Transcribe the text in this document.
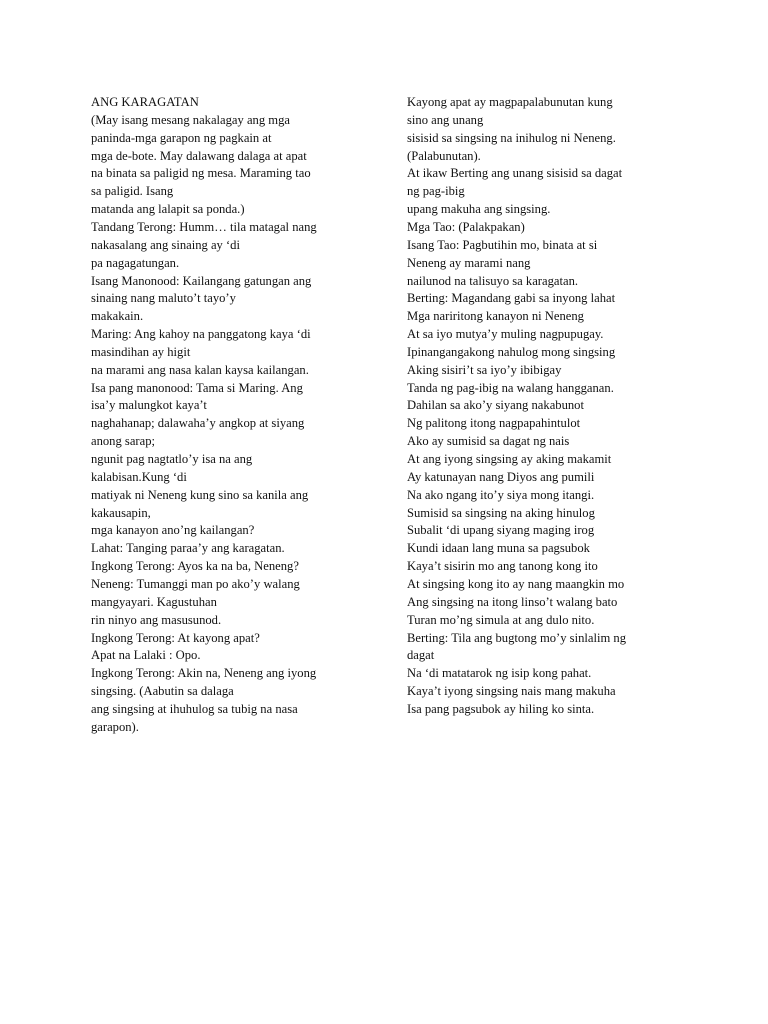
ANG KARAGATAN
(May isang mesang nakalagay ang mga
paninda-mga garapon ng pagkain at
mga de-bote. May dalawang dalaga at apat
na binata sa paligid ng mesa. Maraming tao
sa paligid. Isang
matanda ang lalapit sa ponda.)
Tandang Terong: Humm… tila matagal nang
nakasalang ang sinaing ay ‘di
pa nagagatungan.
Isang Manonood: Kailangang gatungan ang
sinaing nang maluto’t tayo’y
makakain.
Maring: Ang kahoy na panggatong kaya ‘di
masindihan ay higit
na marami ang nasa kalan kaysa kailangan.
Isa pang manonood: Tama si Maring. Ang
isa’y malungkot kaya’t
naghahanap; dalawaha’y angkop at siyang
anong sarap;
ngunit pag nagtatlo’y isa na ang
kalabisan.Kung ‘di
matiyak ni Neneng kung sino sa kanila ang
kakausapin,
mga kanayon ano’ng kailangan?
Lahat: Tanging paraa’y ang karagatan.
Ingkong Terong: Ayos ka na ba, Neneng?
Neneng: Tumanggi man po ako’y walang
mangyayari. Kagustuhan
rin ninyo ang masusunod.
Ingkong Terong: At kayong apat?
Apat na Lalaki : Opo.
Ingkong Terong: Akin na, Neneng ang iyong
singsing. (Aabutin sa dalaga
ang singsing at ihuhulog sa tubig na nasa
garapon).
Kayong apat ay magpapalabunutan kung
sino ang unang
sisisid sa singsing na inihulog ni Neneng.
(Palabunutan).
At ikaw Berting ang unang sisisid sa dagat
ng pag-ibig
upang makuha ang singsing.
Mga Tao: (Palakpakan)
Isang Tao: Pagbutihin mo, binata at si
Neneng ay marami nang
nailunod na talisuyo sa karagatan.
Berting: Magandang gabi sa inyong lahat
Mga nariritong kanayon ni Neneng
At sa iyo mutya’y muling nagpupugay.
Ipinangangakong nahulog mong singsing
Aking sisiri’t sa iyo’y ibibigay
Tanda ng pag-ibig na walang hangganan.
Dahilan sa ako’y siyang nakabunot
Ng palitong itong nagpapahintulot
Ako ay sumisid sa dagat ng nais
At ang iyong singsing ay aking makamit
Ay katunayan nang Diyos ang pumili
Na ako ngang ito’y siya mong itangi.
Sumisid sa singsing na aking hinulog
Subalit ‘di upang siyang maging irog
Kundi idaan lang muna sa pagsubok
Kaya’t sisirin mo ang tanong kong ito
At singsing kong ito ay nang maangkin mo
Ang singsing na itong linso’t walang bato
Turan mo’ng simula at ang dulo nito.
Berting: Tila ang bugtong mo’y sinlalim ng
dagat
Na ‘di matatarok ng isip kong pahat.
Kaya’t iyong singsing nais mang makuha
Isa pang pagsubok ay hiling ko sinta.
